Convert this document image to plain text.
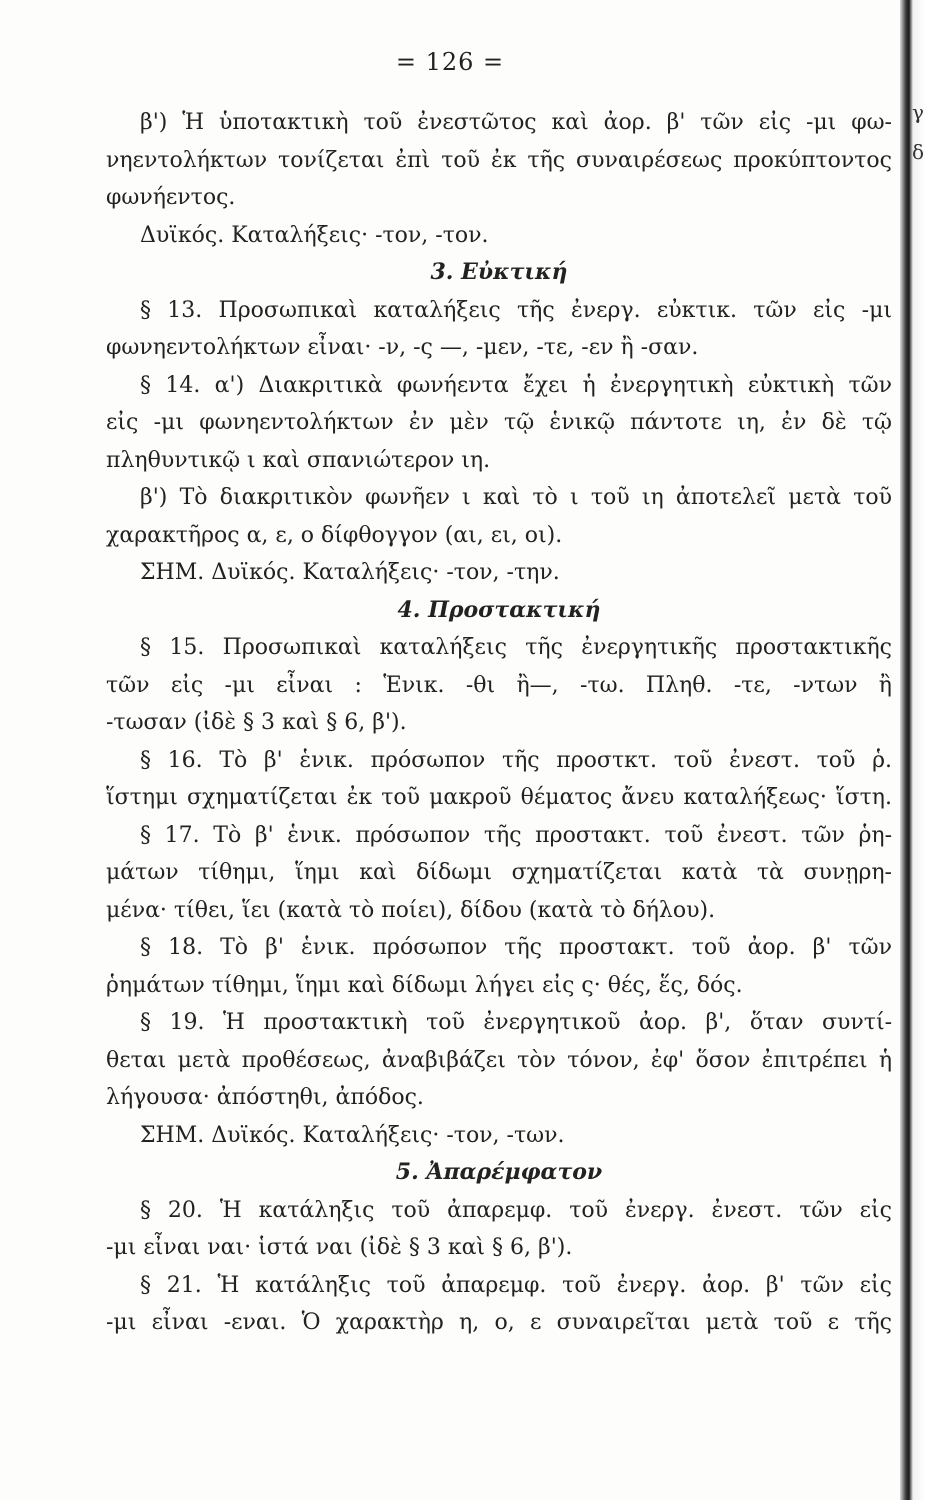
= 126 =
β') Ἡ ὑποτακτικὴ τοῦ ἐνεστῶτος καὶ ἀορ. β' τῶν εἰς -μι φω-
νηεντολήκτων τονίζεται ἐπὶ τοῦ ἐκ τῆς συναιρέσεως προκύπτοντος
φωνήεντος.
Δυϊκός. Καταλήξεις· -τον, -τον.
3. Εὐκτική
§ 13. Προσωπικαὶ καταλήξεις τῆς ἐνεργ. εὐκτικ. τῶν εἰς -μι
φωνηεντολήκτων εἶναι· -ν, -ς —, -μεν, -τε, -εν ἢ -σαν.
§ 14. α') Διακριτικὰ φωνήεντα ἔχει ἡ ἐνεργητικὴ εὐκτικὴ τῶν
εἰς -μι φωνηεντολήκτων ἐν μὲν τῷ ἑνικῷ πάντοτε ιη, ἐν δὲ τῷ
πληθυντικῷ ι καὶ σπανιώτερον ιη.
β') Τὸ διακριτικὸν φωνῆεν ι καὶ τὸ ι τοῦ ιη ἀποτελεῖ μετὰ τοῦ
χαρακτῆρος α, ε, ο δίφθογγον (αι, ει, οι).
ΣΗΜ. Δυϊκός. Καταλήξεις· -τον, -την.
4. Προστακτική
§ 15. Προσωπικαὶ καταλήξεις τῆς ἐνεργητικῆς προστακτικῆς
τῶν εἰς -μι εἶναι : Ἑνικ. -θι ἢ—, -τω. Πληθ. -τε, -ντων ἢ
-τωσαν (ἰδὲ § 3 καὶ § 6, β').
§ 16. Τὸ β' ἑνικ. πρόσωπον τῆς προστκτ. τοῦ ἐνεστ. τοῦ ῥ.
ἵστημι σχηματίζεται ἐκ τοῦ μακροῦ θέματος ἄνευ καταλήξεως· ἵστη.
§ 17. Τὸ β' ἑνικ. πρόσωπον τῆς προστακτ. τοῦ ἐνεστ. τῶν ῥη-
μάτων τίθημι, ἵημι καὶ δίδωμι σχηματίζεται κατὰ τὰ συνῃρη-
μένα· τίθει, ἵει (κατὰ τὸ ποίει), δίδου (κατὰ τὸ δήλου).
§ 18. Τὸ β' ἑνικ. πρόσωπον τῆς προστακτ. τοῦ ἀορ. β' τῶν
ῥημάτων τίθημι, ἵημι καὶ δίδωμι λήγει εἰς ς· θές, ἕς, δός.
§ 19. Ἡ προστακτικὴ τοῦ ἐνεργητικοῦ ἀορ. β', ὅταν συντί-
θεται μετὰ προθέσεως, ἀναβιβάζει τὸν τόνον, ἐφ' ὅσον ἐπιτρέπει ἡ
λήγουσα· ἀπόστηθι, ἀπόδος.
ΣΗΜ. Δυϊκός. Καταλήξεις· -τον, -των.
5. Ἀπαρέμφατον
§ 20. Ἡ κατάληξις τοῦ ἀπαρεμφ. τοῦ ἐνεργ. ἐνεστ. τῶν εἰς
-μι εἶναι ναι· ἱστά ναι (ἰδὲ § 3 καὶ § 6, β').
§ 21. Ἡ κατάληξις τοῦ ἀπαρεμφ. τοῦ ἐνεργ. ἀορ. β' τῶν εἰς
-μι εἶναι -εναι. Ὁ χαρακτὴρ η, ο, ε συναιρεῖται μετὰ τοῦ ε τῆς
γ
δ
